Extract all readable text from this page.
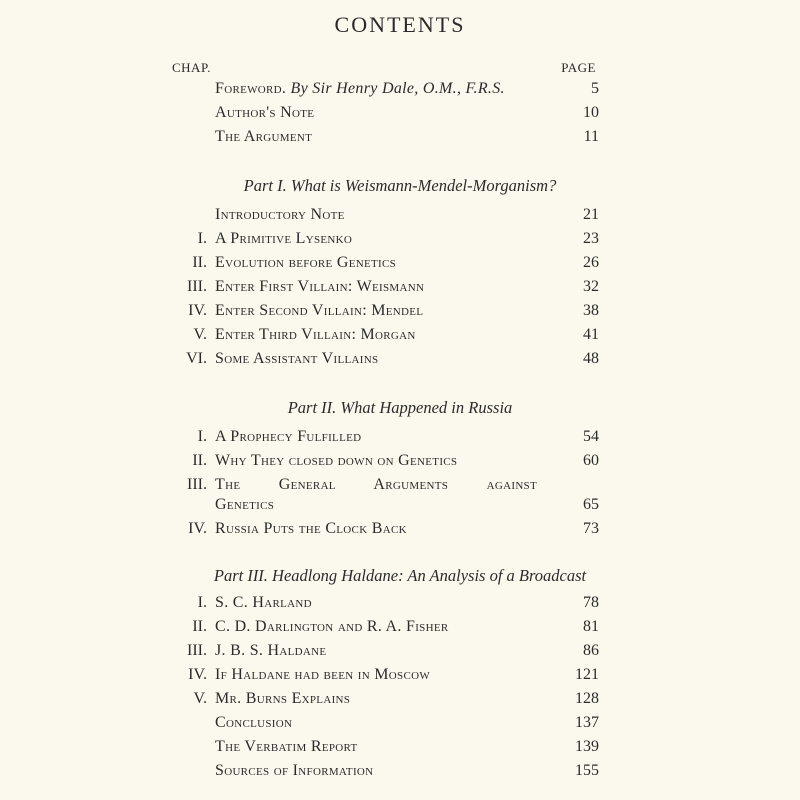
CONTENTS
CHAP.	PAGE
Foreword. By Sir Henry Dale, O.M., F.R.S.	5
Author's Note	10
The Argument	11
Part I. What is Weismann-Mendel-Morganism?
Introductory Note	21
I. A Primitive Lysenko	23
II. Evolution before Genetics	26
III. Enter First Villain: Weismann	32
IV. Enter Second Villain: Mendel	38
V. Enter Third Villain: Morgan	41
VI. Some Assistant Villains	48
Part II. What Happened in Russia
I. A Prophecy Fulfilled	54
II. Why They closed down on Genetics	60
III. The General Arguments against
Genetics	65
IV. Russia Puts the Clock Back	73
Part III. Headlong Haldane: An Analysis of a Broadcast
I. S. C. Harland	78
II. C. D. Darlington and R. A. Fisher	81
III. J. B. S. Haldane	86
IV. If Haldane had been in Moscow	121
V. Mr. Burns Explains	128
Conclusion	137
The Verbatim Report	139
Sources of Information	155
